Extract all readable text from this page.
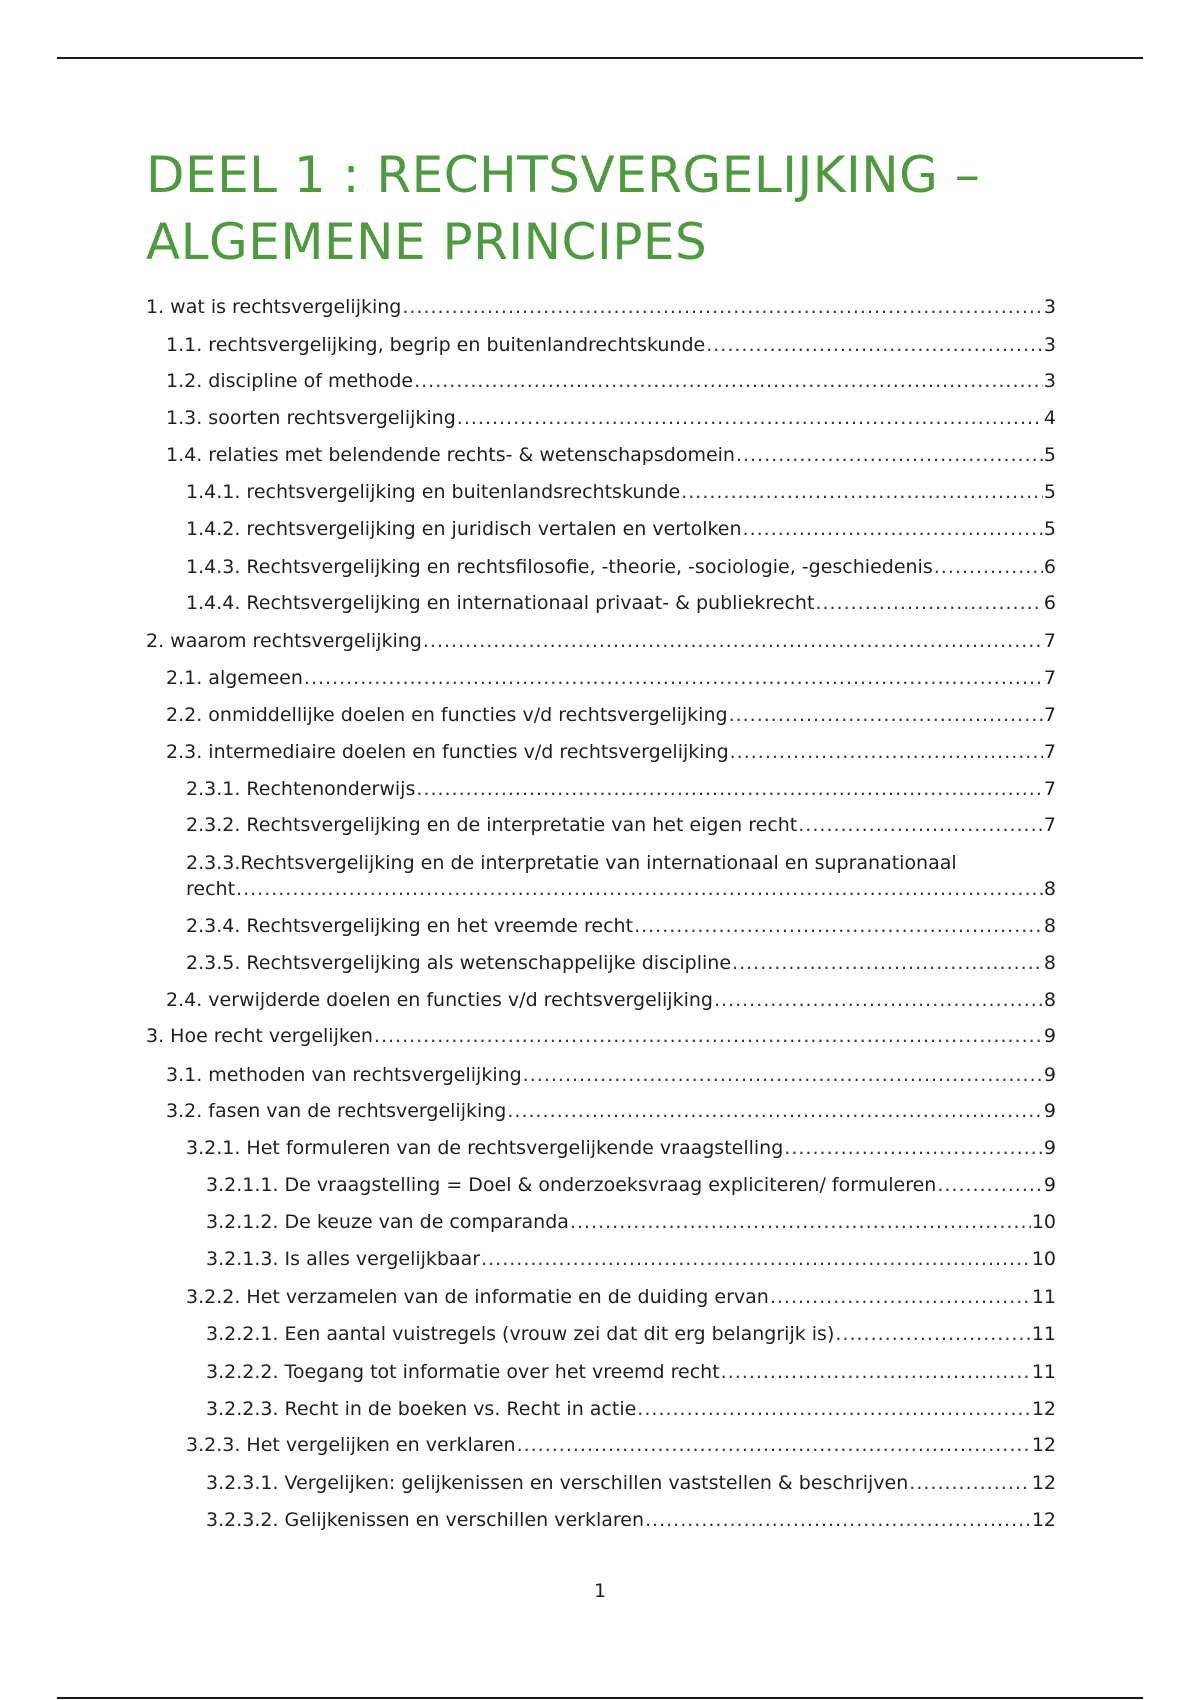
DEEL 1 : RECHTSVERGELIJKING –
ALGEMENE PRINCIPES
1. wat is rechtsvergelijking .....	3
1.1. rechtsvergelijking, begrip en buitenlandrechtskunde .....	3
1.2. discipline of methode .....	3
1.3. soorten rechtsvergelijking .....	4
1.4. relaties met belendende rechts- & wetenschapsdomein .....	5
1.4.1. rechtsvergelijking en buitenlandsrechtskunde .....	5
1.4.2. rechtsvergelijking en juridisch vertalen en vertolken .....	5
1.4.3. Rechtsvergelijking en rechtsfilosofie, -theorie, -sociologie, -geschiedenis .....	6
1.4.4. Rechtsvergelijking en internationaal privaat- & publiekrecht .....	6
2. waarom rechtsvergelijking .....	7
2.1. algemeen .....	7
2.2. onmiddellijke doelen en functies v/d rechtsvergelijking .....	7
2.3. intermediaire doelen en functies v/d rechtsvergelijking .....	7
2.3.1. Rechtenonderwijs .....	7
2.3.2. Rechtsvergelijking en de interpretatie van het eigen recht .....	7
2.3.3.Rechtsvergelijking en de interpretatie van internationaal en supranationaal
recht .....	8
2.3.4. Rechtsvergelijking en het vreemde recht .....	8
2.3.5. Rechtsvergelijking als wetenschappelijke discipline .....	8
2.4. verwijderde doelen en functies v/d rechtsvergelijking .....	8
3. Hoe recht vergelijken .....	9
3.1. methoden van rechtsvergelijking .....	9
3.2. fasen van de rechtsvergelijking .....	9
3.2.1. Het formuleren van de rechtsvergelijkende vraagstelling .....	9
3.2.1.1. De vraagstelling = Doel & onderzoeksvraag expliciteren/ formuleren .....	9
3.2.1.2. De keuze van de comparanda .....	10
3.2.1.3. Is alles vergelijkbaar .....	10
3.2.2. Het verzamelen van de informatie en de duiding ervan .....	11
3.2.2.1. Een aantal vuistregels (vrouw zei dat dit erg belangrijk is) .....	11
3.2.2.2. Toegang tot informatie over het vreemd recht .....	11
3.2.2.3. Recht in de boeken vs. Recht in actie .....	12
3.2.3. Het vergelijken en verklaren .....	12
3.2.3.1. Vergelijken: gelijkenissen en verschillen vaststellen & beschrijven .....	12
3.2.3.2. Gelijkenissen en verschillen verklaren .....	12
1
